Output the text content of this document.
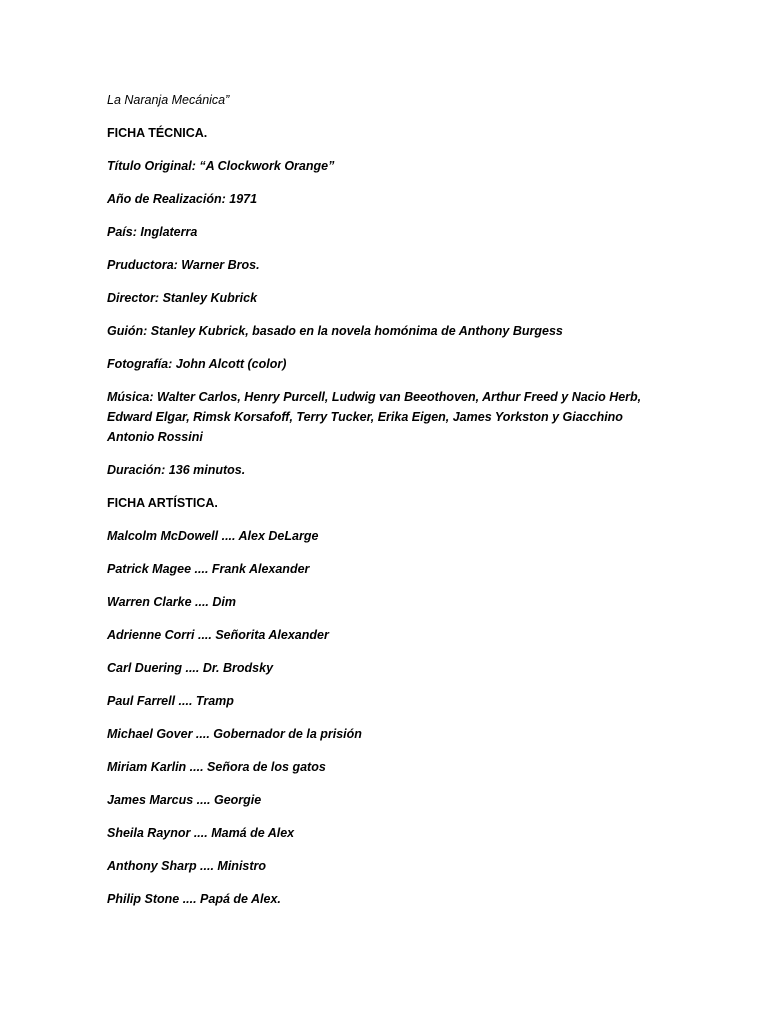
La Naranja Mecánica”

FICHA TÉCNICA.

Título Original: “A Clockwork Orange”

Año de Realización: 1971

País: Inglaterra

Pruductora: Warner Bros.

Director: Stanley Kubrick

Guión: Stanley Kubrick, basado en la novela homónima de Anthony Burgess

Fotografía: John Alcott (color)

Música: Walter Carlos, Henry Purcell, Ludwig van Beeothoven, Arthur Freed y Nacio Herb, Edward Elgar, Rimsk Korsafoff, Terry Tucker, Erika Eigen, James Yorkston y Giacchino Antonio Rossini

Duración: 136 minutos.

FICHA ARTÍSTICA.

Malcolm McDowell .... Alex DeLarge

Patrick Magee .... Frank Alexander

Warren Clarke .... Dim

Adrienne Corri .... Señorita Alexander

Carl Duering .... Dr. Brodsky

Paul Farrell .... Tramp

Michael Gover .... Gobernador de la prisión

Miriam Karlin .... Señora de los gatos

James Marcus .... Georgie

Sheila Raynor .... Mamá de Alex

Anthony Sharp .... Ministro

Philip Stone .... Papá de Alex.
